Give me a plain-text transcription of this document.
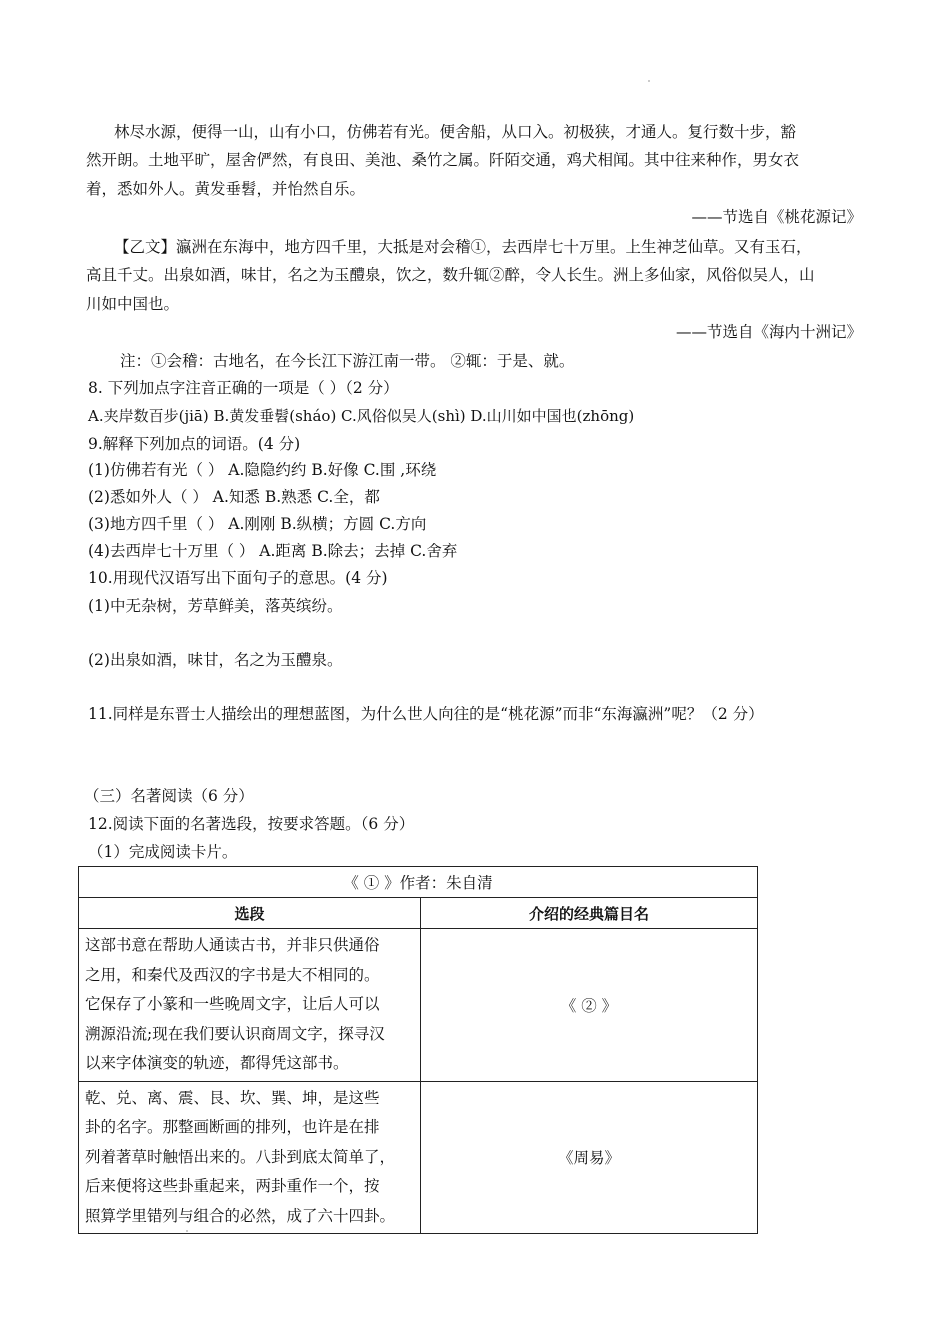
林尽水源，便得一山，山有小口，仿佛若有光。便舍船，从口入。初极狭，才通人。复行数十步，豁
然开朗。土地平旷，屋舍俨然，有良田、美池、桑竹之属。阡陌交通，鸡犬相闻。其中往来种作，男女衣
着，悉如外人。黄发垂髫，并怡然自乐。
——节选自《桃花源记》
【乙文】瀛洲在东海中，地方四千里，大抵是对会稽①，去西岸七十万里。上生神芝仙草。又有玉石，
高且千丈。出泉如酒，味甘，名之为玉醴泉，饮之，数升辄②醉，令人长生。洲上多仙家，风俗似吴人，山
川如中国也。
——节选自《海内十洲记》
注：①会稽：古地名，在今长江下游江南一带。 ②辄：于是、就。
8. 下列加点字注音正确的一项是（ ）（2 分）
A.夹岸数百步(jiā) B.黄发垂髫(sháo) C.风俗似吴人(shì) D.山川如中国也(zhōng)
9.解释下列加点的词语。(4 分)
(1)仿佛若有光（ ） A.隐隐约约 B.好像 C.围 ,环绕
(2)悉如外人（ ） A.知悉 B.熟悉 C.全，都
(3)地方四千里（ ） A.刚刚 B.纵横；方圆 C.方向
(4)去西岸七十万里（ ） A.距离 B.除去；去掉 C.舍弃
10.用现代汉语写出下面句子的意思。(4 分)
(1)中无杂树，芳草鲜美，落英缤纷。
(2)出泉如酒，味甘，名之为玉醴泉。
11.同样是东晋士人描绘出的理想蓝图，为什么世人向往的是“桃花源”而非“东海瀛洲”呢？（2 分）
（三）名著阅读（6 分）
12.阅读下面的名著选段，按要求答题。（6 分）
（1）完成阅读卡片。
《 ① 》作者：朱自清	
选段	介绍的经典篇目名

这部书意在帮助人通读古书，并非只供通俗
之用，和秦代及西汉的字书是大不相同的。
它保存了小篆和一些晚周文字，让后人可以
溯源沿流;现在我们要认识商周文字，探寻汉
以来字体演变的轨迹，都得凭这部书。	《 ② 》

乾、兑、离、震、艮、坎、巽、坤，是这些
卦的名字。那整画断画的排列，也许是在排
列着著草时触悟出来的。八卦到底太简单了，
后来便将这些卦重起来，两卦重作一个，按
照算学里错列与组合的必然，成了六十四卦。	《周易》
